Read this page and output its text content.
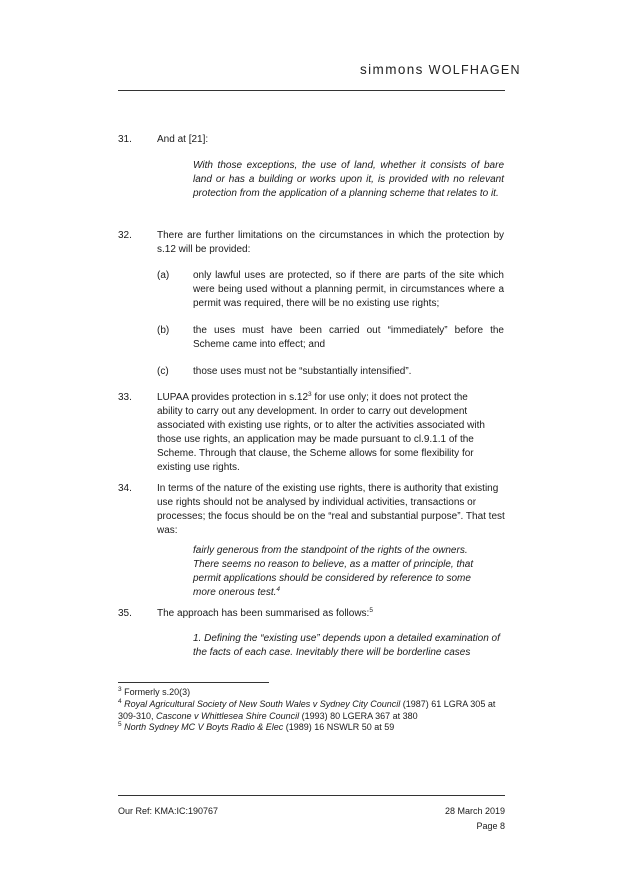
simmons WOLFHAGEN
31.	And at [21]:
With those exceptions, the use of land, whether it consists of bare land or has a building or works upon it, is provided with no relevant protection from the application of a planning scheme that relates to it.
32.	There are further limitations on the circumstances in which the protection by s.12 will be provided:
(a) only lawful uses are protected, so if there are parts of the site which were being used without a planning permit, in circumstances where a permit was required, there will be no existing use rights;
(b) the uses must have been carried out “immediately” before the Scheme came into effect; and
(c) those uses must not be “substantially intensified”.
33.	LUPAA provides protection in $s.12^3$ for use only; it does not protect the ability to carry out any development. In order to carry out development associated with existing use rights, or to alter the activities associated with those use rights, an application may be made pursuant to cl.9.1.1 of the Scheme. Through that clause, the Scheme allows for some flexibility for existing use rights.
34.	In terms of the nature of the existing use rights, there is authority that existing use rights should not be analysed by individual activities, transactions or processes; the focus should be on the “real and substantial purpose”. That test was:
fairly generous from the standpoint of the rights of the owners. There seems no reason to believe, as a matter of principle, that permit applications should be considered by reference to some more onerous test.$^4$
35.	The approach has been summarised as follows:$^5$
1. Defining the “existing use” depends upon a detailed examination of the facts of each case. Inevitably there will be borderline cases
$^3$ Formerly s.20(3)
$^4$ Royal Agricultural Society of New South Wales v Sydney City Council (1987) 61 LGRA 305 at 309-310, Cascone v Whittlesea Shire Council (1993) 80 LGERA 367 at 380
$^5$ North Sydney MC V Boyts Radio & Elec (1989) 16 NSWLR 50 at 59
Our Ref: KMA:IC:190767	28 March 2019
Page 8
